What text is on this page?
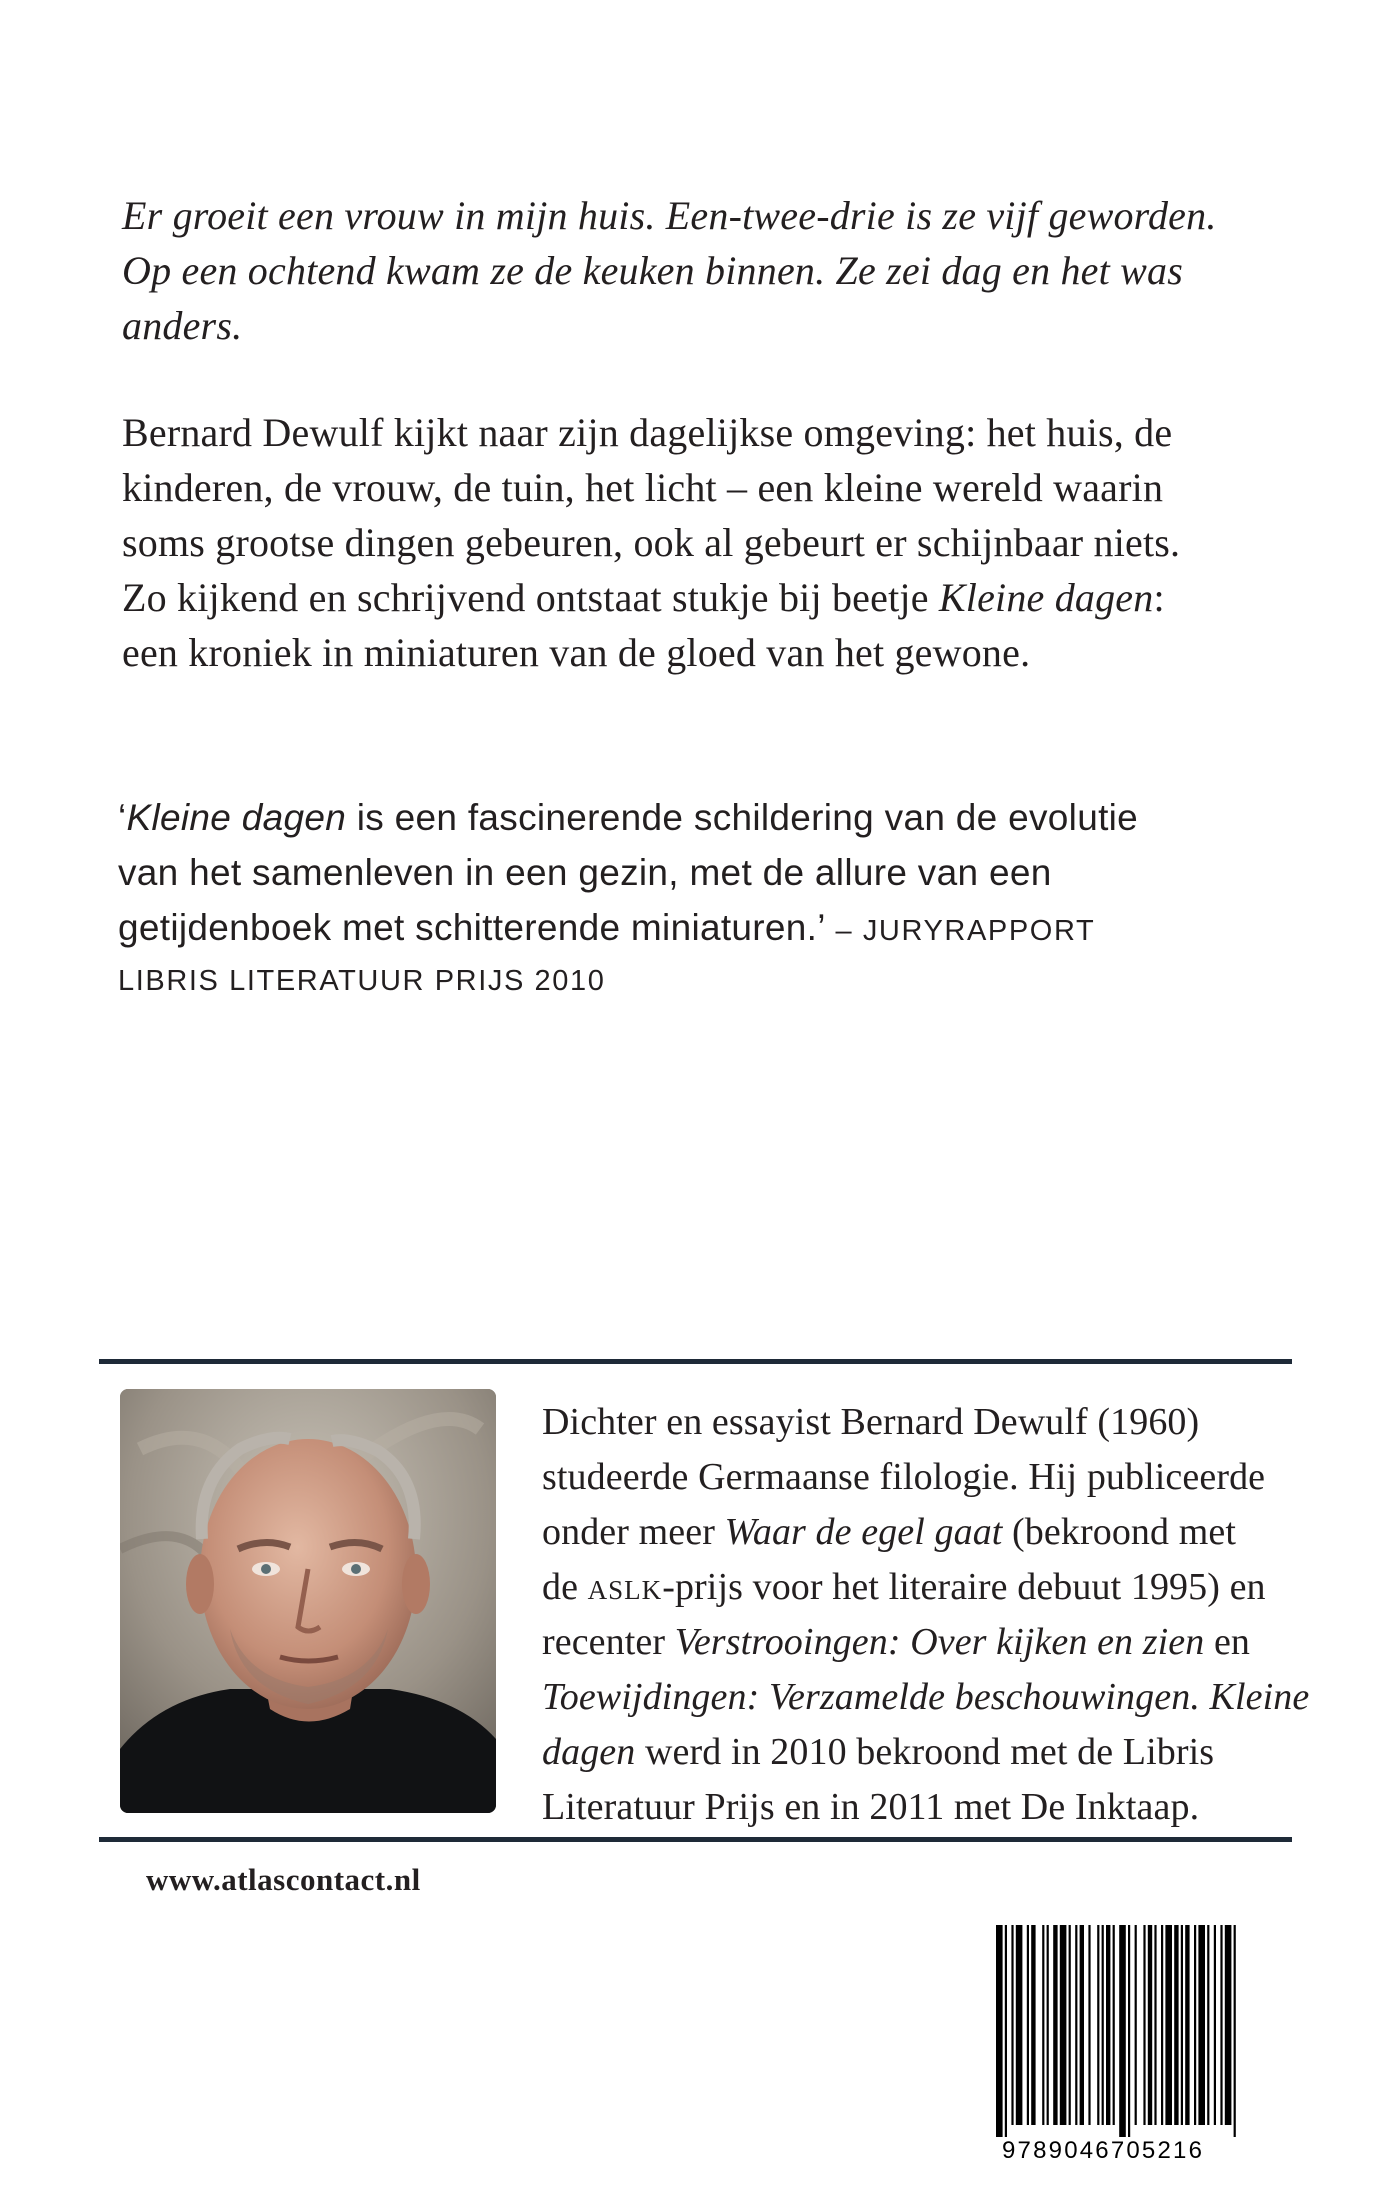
Er groeit een vrouw in mijn huis. Een-twee-drie is ze vijf geworden.
Op een ochtend kwam ze de keuken binnen. Ze zei dag en het was
anders.
Bernard Dewulf kijkt naar zijn dagelijkse omgeving: het huis, de
kinderen, de vrouw, de tuin, het licht – een kleine wereld waarin
soms grootse dingen gebeuren, ook al gebeurt er schijnbaar niets.
Zo kijkend en schrijvend ontstaat stukje bij beetje Kleine dagen:
een kroniek in miniaturen van de gloed van het gewone.
‘Kleine dagen is een fascinerende schildering van de evolutie
van het samenleven in een gezin, met de allure van een
getijdenboek met schitterende miniaturen.’ – JURYRAPPORT
LIBRIS LITERATUUR PRIJS 2010
Dichter en essayist Bernard Dewulf (1960)
studeerde Germaanse filologie. Hij publiceerde
onder meer Waar de egel gaat (bekroond met
de aslk-prijs voor het literaire debuut 1995) en
recenter Verstrooingen: Over kijken en zien en
Toewijdingen: Verzamelde beschouwingen. Kleine
dagen werd in 2010 bekroond met de Libris
Literatuur Prijs en in 2011 met De Inktaap.
www.atlascontact.nl
9789046705216
